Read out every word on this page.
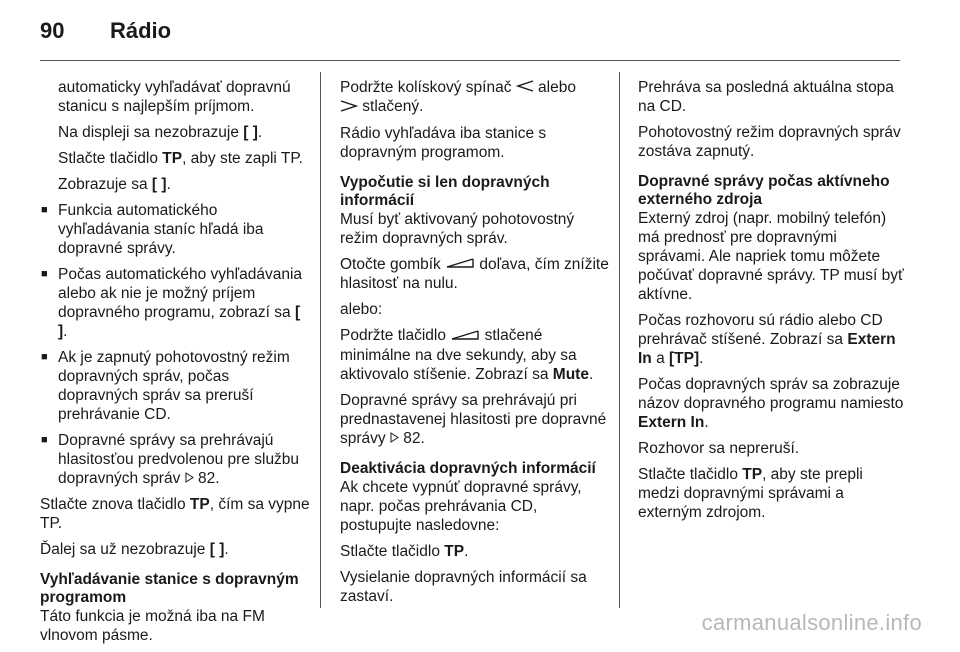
90 Rádio

automaticky vyhľadávať dopravnú stanicu s najlepším príjmom.

Na displeji sa nezobrazuje [ ].

Stlačte tlačidlo TP, aby ste zapli TP.

Zobrazuje sa [ ].

■ Funkcia automatického vyhľadávania staníc hľadá iba dopravné správy.
■ Počas automatického vyhľadávania alebo ak nie je možný príjem dopravného programu, zobrazí sa [ ].
■ Ak je zapnutý pohotovostný režim dopravných správ, počas dopravných správ sa preruší prehrávanie CD.
■ Dopravné správy sa prehrávajú hlasitosťou predvolenou pre službu dopravných správ  82.

Stlačte znova tlačidlo TP, čím sa vypne TP.

Ďalej sa už nezobrazuje [ ].

Vyhľadávanie stanice s dopravným programom

Táto funkcia je možná iba na FM vlnovom pásme.

Podržte kolískový spínač  alebo
stlačený.

Rádio vyhľadáva iba stanice s dopravným programom.

Vypočutie si len dopravných informácií

Musí byť aktivovaný pohotovostný režim dopravných správ.

Otočte gombík  doľava, čím znížite hlasitosť na nulu.

alebo:

Podržte tlačidlo  stlačené minimálne na dve sekundy, aby sa aktivovalo stíšenie. Zobrazí sa Mute.

Dopravné správy sa prehrávajú pri prednastavenej hlasitosti pre dopravné správy  82.

Deaktivácia dopravných informácií

Ak chcete vypnúť dopravné správy, napr. počas prehrávania CD, postupujte nasledovne:

Stlačte tlačidlo TP.

Vysielanie dopravných informácií sa zastaví.

Prehráva sa posledná aktuálna stopa na CD.

Pohotovostný režim dopravných správ zostáva zapnutý.

Dopravné správy počas aktívneho externého zdroja

Externý zdroj (napr. mobilný telefón) má prednosť pre dopravnými správami. Ale napriek tomu môžete počúvať dopravné správy. TP musí byť aktívne.

Počas rozhovoru sú rádio alebo CD prehrávač stíšené. Zobrazí sa Extern In a [TP].

Počas dopravných správ sa zobrazuje názov dopravného programu namiesto Extern In.

Rozhovor sa nepreruší.

Stlačte tlačidlo TP, aby ste prepli medzi dopravnými správami a externým zdrojom.

carmanualsonline.info
